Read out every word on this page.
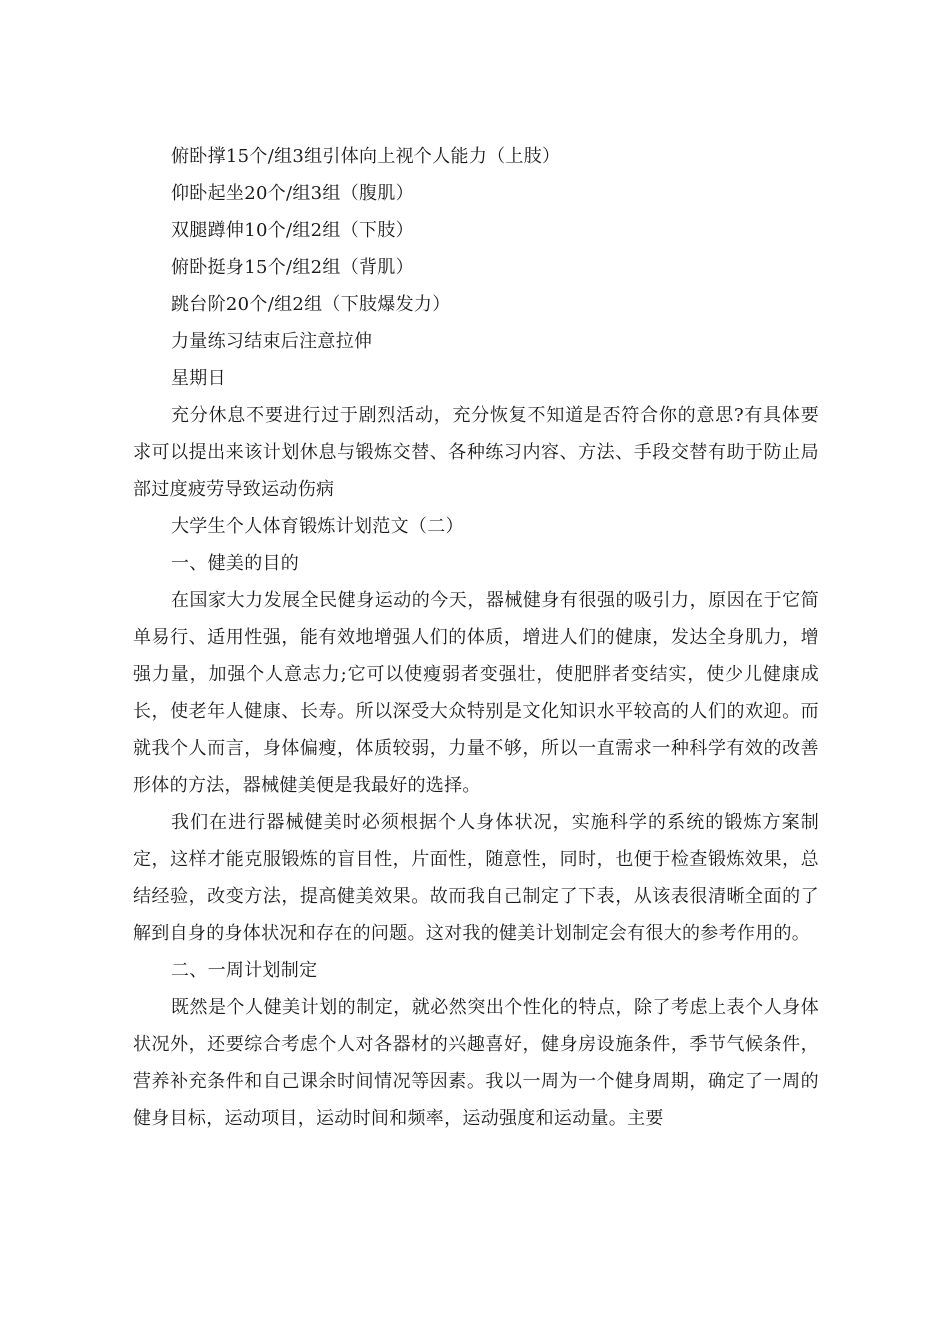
俯卧撑15个/组3组引体向上视个人能力（上肢）

仰卧起坐20个/组3组（腹肌）

双腿蹲伸10个/组2组（下肢）

俯卧挺身15个/组2组（背肌）

跳台阶20个/组2组（下肢爆发力）

力量练习结束后注意拉伸

星期日

充分休息不要进行过于剧烈活动，充分恢复不知道是否符合你的意思?有具体要求可以提出来该计划休息与锻炼交替、各种练习内容、方法、手段交替有助于防止局部过度疲劳导致运动伤病

大学生个人体育锻炼计划范文（二）

一、健美的目的

在国家大力发展全民健身运动的今天，器械健身有很强的吸引力，原因在于它简单易行、适用性强，能有效地增强人们的体质，增进人们的健康，发达全身肌力，增强力量，加强个人意志力;它可以使瘦弱者变强壮，使肥胖者变结实，使少儿健康成长，使老年人健康、长寿。所以深受大众特别是文化知识水平较高的人们的欢迎。而就我个人而言，身体偏瘦，体质较弱，力量不够，所以一直需求一种科学有效的改善形体的方法，器械健美便是我最好的选择。

我们在进行器械健美时必须根据个人身体状况，实施科学的系统的锻炼方案制定，这样才能克服锻炼的盲目性，片面性，随意性，同时，也便于检查锻炼效果，总结经验，改变方法，提高健美效果。故而我自己制定了下表，从该表很清晰全面的了解到自身的身体状况和存在的问题。这对我的健美计划制定会有很大的参考作用的。

二、一周计划制定

既然是个人健美计划的制定，就必然突出个性化的特点，除了考虑上表个人身体状况外，还要综合考虑个人对各器材的兴趣喜好，健身房设施条件，季节气候条件，营养补充条件和自己课余时间情况等因素。我以一周为一个健身周期，确定了一周的健身目标，运动项目，运动时间和频率，运动强度和运动量。主要
